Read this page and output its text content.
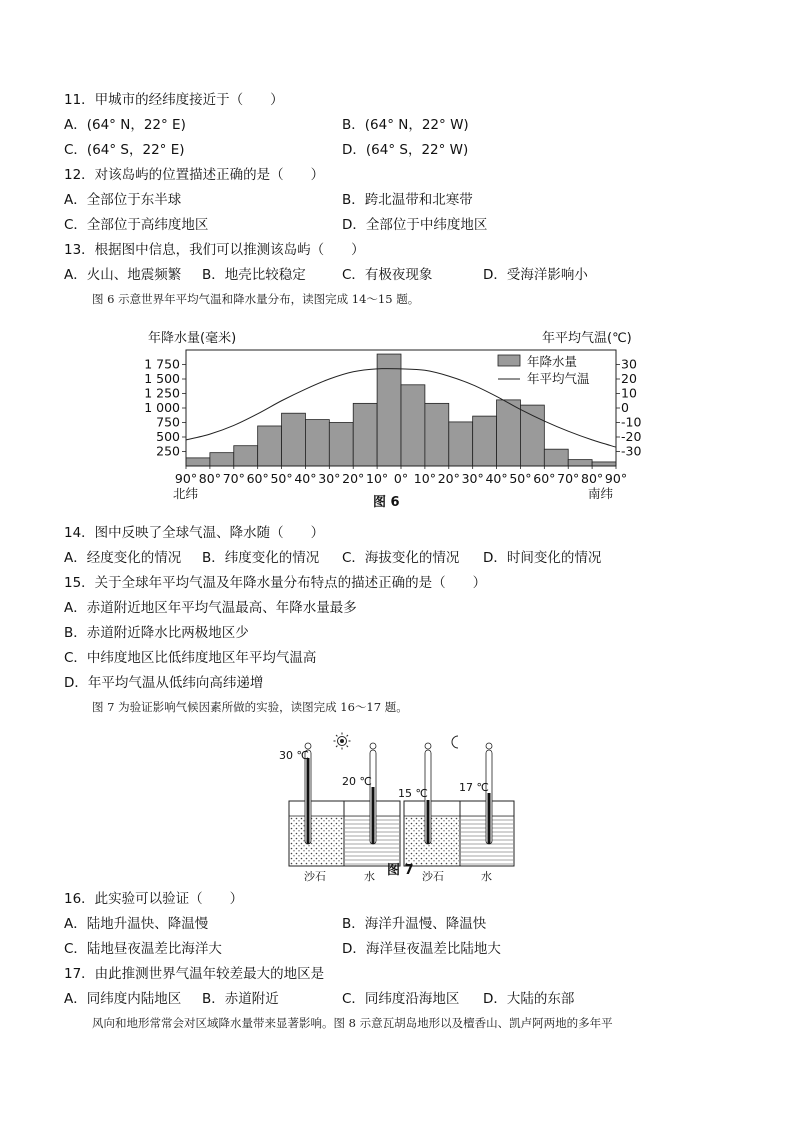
11．甲城市的经纬度接近于（　　）
A．(64° N，22° E)	B．(64° N，22° W)
C．(64° S，22° E)	D．(64° S，22° W)
12．对该岛屿的位置描述正确的是（　　）
A．全部位于东半球	B．跨北温带和北寒带
C．全部位于高纬度地区	D．全部位于中纬度地区
13．根据图中信息，我们可以推测该岛屿（　　）
A．火山、地震频繁 B．地壳比较稳定	C．有极夜现象	D．受海洋影响小
图 6 示意世界年平均气温和降水量分布，读图完成 14～15 题。
年降水量(毫米)	年平均气温(℃)
1 750
1 500
1 250
1 000
750
500
250
30
20
10
0
-10
-20
-30
90° 80° 70° 60° 50° 40° 30° 20° 10° 0° 10° 20° 30° 40° 50° 60° 70° 80° 90°
年降水量
年平均气温
北纬	南纬
图 6
14．图中反映了全球气温、降水随（　　）
A．经度变化的情况 B．纬度变化的情况 C．海拔变化的情况 D．时间变化的情况
15．关于全球年平均气温及年降水量分布特点的描述正确的是（　　）
A．赤道附近地区年平均气温最高、年降水量最多
B．赤道附近降水比两极地区少
C．中纬度地区比低纬度地区年平均气温高
D．年平均气温从低纬向高纬递增
图 7 为验证影响气候因素所做的实验，读图完成 16～17 题。
30 ℃
20 ℃
沙石	水
15 ℃	17 ℃
沙石	水
图 7
16．此实验可以验证（　　）
A．陆地升温快、降温慢	B．海洋升温慢、降温快
C．陆地昼夜温差比海洋大	D．海洋昼夜温差比陆地大
17．由此推测世界气温年较差最大的地区是
A．同纬度内陆地区 B．赤道附近	C．同纬度沿海地区 D．大陆的东部
风向和地形常常会对区域降水量带来显著影响。图 8 示意瓦胡岛地形以及檀香山、凯卢阿两地的多年平
